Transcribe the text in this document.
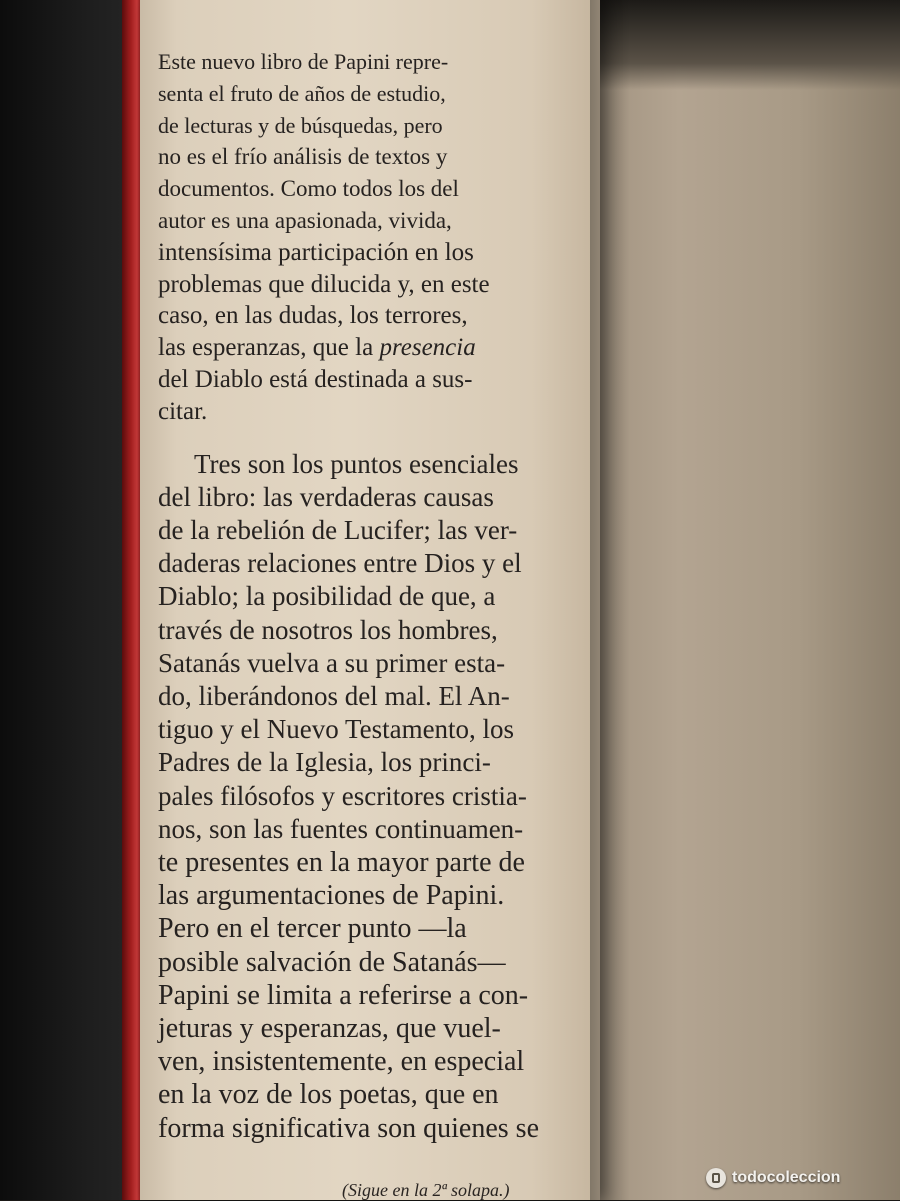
Este nuevo libro de Papini repre-
senta el fruto de años de estudio,
de lecturas y de búsquedas, pero
no es el frío análisis de textos y
documentos. Como todos los del
autor es una apasionada, vivida,
intensísima participación en los
problemas que dilucida y, en este
caso, en las dudas, los terrores,
las esperanzas, que la presencia
del Diablo está destinada a sus-
citar.
Tres son los puntos esenciales
del libro: las verdaderas causas
de la rebelión de Lucifer; las ver-
daderas relaciones entre Dios y el
Diablo; la posibilidad de que, a
través de nosotros los hombres,
Satanás vuelva a su primer esta-
do, liberándonos del mal. El An-
tiguo y el Nuevo Testamento, los
Padres de la Iglesia, los princi-
pales filósofos y escritores cristia-
nos, son las fuentes continuamen-
te presentes en la mayor parte de
las argumentaciones de Papini.
Pero en el tercer punto —la
posible salvación de Satanás—
Papini se limita a referirse a con-
jeturas y esperanzas, que vuel-
ven, insistentemente, en especial
en la voz de los poetas, que en
forma significativa son quienes se
(Sigue en la 2ª solapa.)
todocoleccion
